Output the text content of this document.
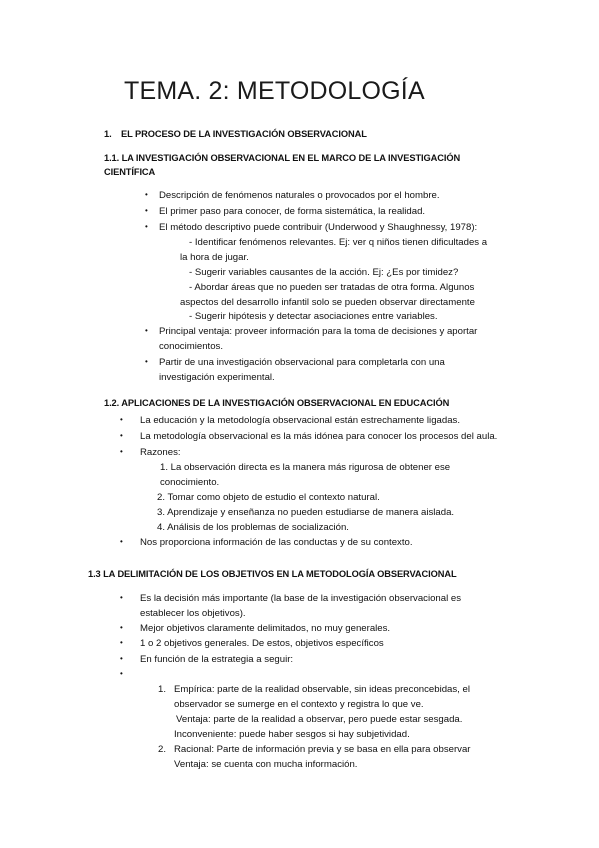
TEMA. 2: METODOLOGÍA
1. EL PROCESO DE LA INVESTIGACIÓN OBSERVACIONAL
1.1. LA INVESTIGACIÓN OBSERVACIONAL EN EL MARCO DE LA INVESTIGACIÓN
CIENTÍFICA
• Descripción de fenómenos naturales o provocados por el hombre.
• El primer paso para conocer, de forma sistemática, la realidad.
• El método descriptivo puede contribuir (Underwood y Shaughnessy, 1978):
- Identificar fenómenos relevantes. Ej: ver q niños tienen dificultades a
la hora de jugar.
- Sugerir variables causantes de la acción. Ej: ¿Es por timidez?
- Abordar áreas que no pueden ser tratadas de otra forma. Algunos
aspectos del desarrollo infantil solo se pueden observar directamente
- Sugerir hipótesis y detectar asociaciones entre variables.
• Principal ventaja: proveer información para la toma de decisiones y aportar
conocimientos.
• Partir de una investigación observacional para completarla con una
investigación experimental.
1.2. APLICACIONES DE LA INVESTIGACIÓN OBSERVACIONAL EN EDUCACIÓN
• La educación y la metodología observacional están estrechamente ligadas.
• La metodología observacional es la más idónea para conocer los procesos del aula.
• Razones:
1. La observación directa es la manera más rigurosa de obtener ese
conocimiento.
2. Tomar como objeto de estudio el contexto natural.
3. Aprendizaje y enseñanza no pueden estudiarse de manera aislada.
4. Análisis de los problemas de socialización.
• Nos proporciona información de las conductas y de su contexto.
1.3 LA DELIMITACIÓN DE LOS OBJETIVOS EN LA METODOLOGÍA OBSERVACIONAL
• Es la decisión más importante (la base de la investigación observacional es
establecer los objetivos).
• Mejor objetivos claramente delimitados, no muy generales.
• 1 o 2 objetivos generales. De estos, objetivos específicos
• En función de la estrategia a seguir:
•
1. Empírica: parte de la realidad observable, sin ideas preconcebidas, el
observador se sumerge en el contexto y registra lo que ve.
Ventaja: parte de la realidad a observar, pero puede estar sesgada.
Inconveniente: puede haber sesgos si hay subjetividad.
2. Racional: Parte de información previa y se basa en ella para observar
Ventaja: se cuenta con mucha información.
